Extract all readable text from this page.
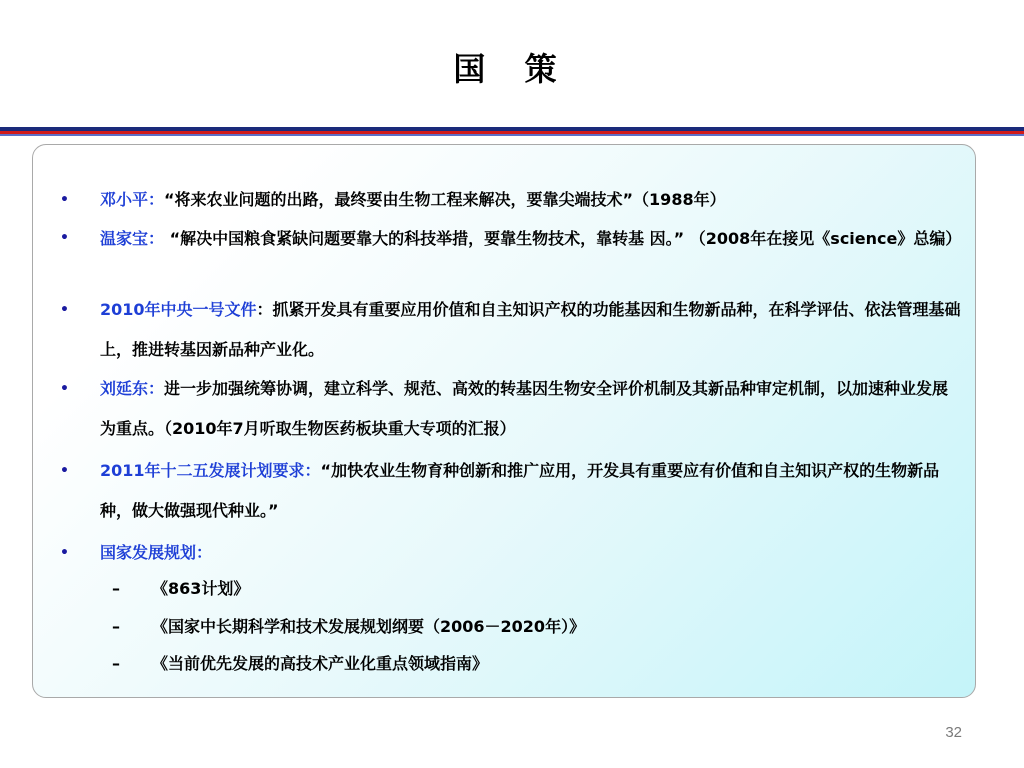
国 策
• 邓小平：“将来农业问题的出路，最终要由生物工程来解决，要靠尖端技术”（1988年）
• 温家宝： “解决中国粮食紧缺问题要靠大的科技举措，要靠生物技术，靠转基 因。” （2008年在接见《science》总编）
• 2010年中央一号文件：抓紧开发具有重要应用价值和自主知识产权的功能基因和生物新品种，在科学评估、依法管理基础上，推进转基因新品种产业化。
• 刘延东：进一步加强统筹协调，建立科学、规范、高效的转基因生物安全评价机制及其新品种审定机制，以加速种业发展为重点。（2010年7月听取生物医药板块重大专项的汇报）
• 2011年十二五发展计划要求：“加快农业生物育种创新和推广应用，开发具有重要应有价值和自主知识产权的生物新品种，做大做强现代种业。”
• 国家发展规划：
– 《863计划》
– 《国家中长期科学和技术发展规划纲要（2006－2020年）》
– 《当前优先发展的高技术产业化重点领域指南》
32
